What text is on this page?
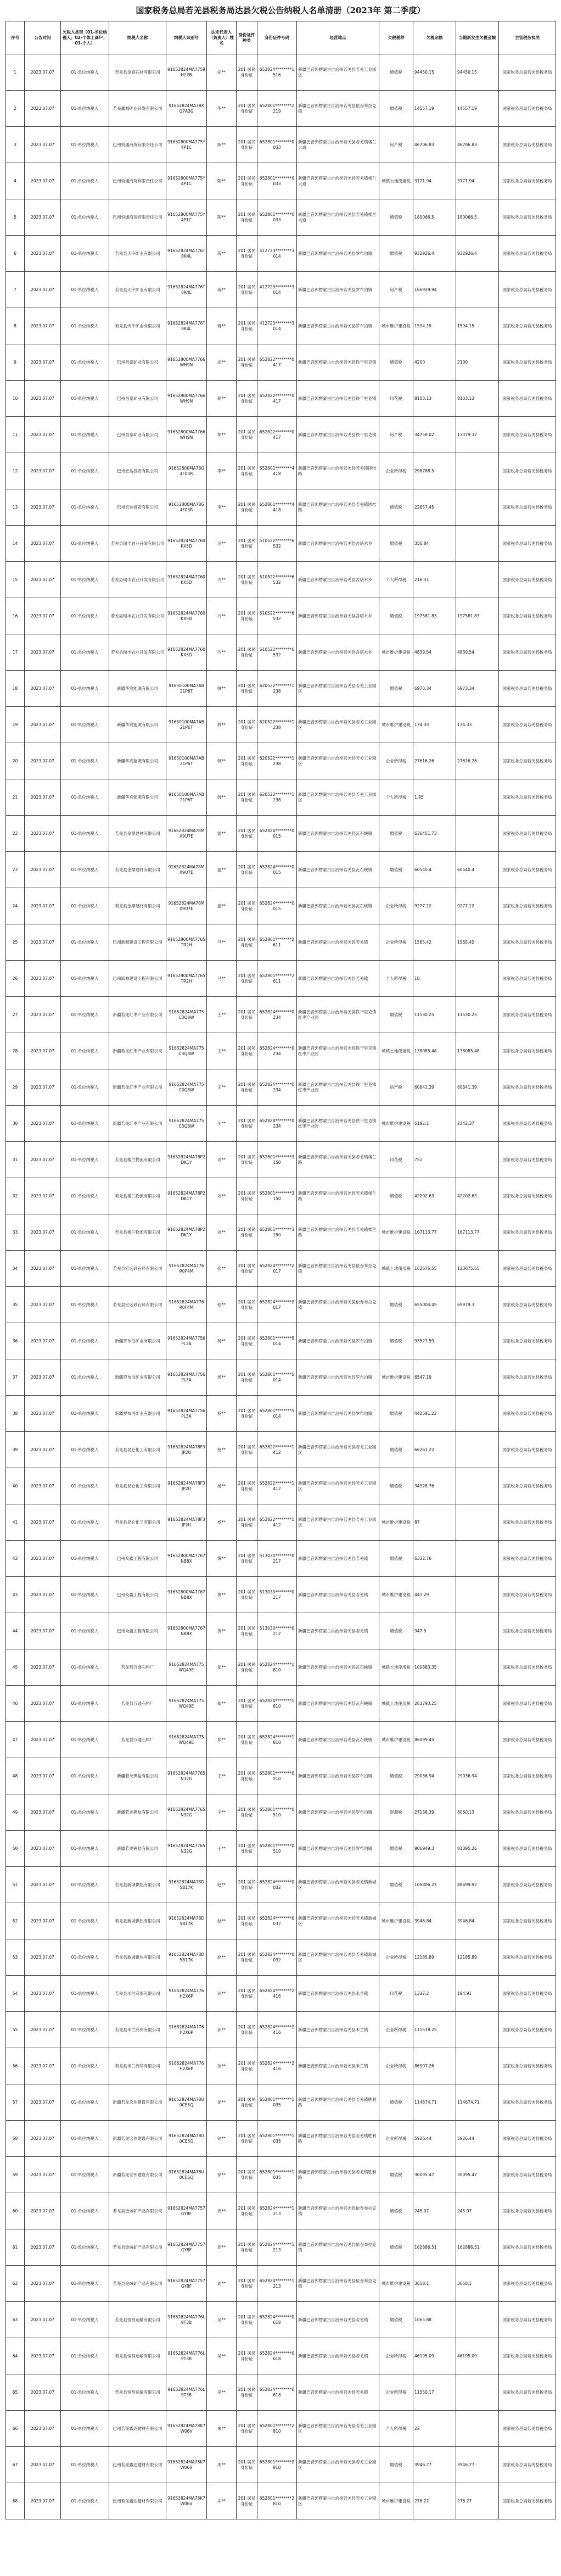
国家税务总局若羌县税务局达县欠税公告纳税人名单清册（2023年 第二季度）
序号	公告时间	欠税人类型（01-单位纳税人；02-个体工商户；03-个人）	纳税人名称	纳税人识别号	法定代表人（负责人）姓名	身份证件种类	身份证件号码	经营地点	欠税税种	欠税余额	当期新发生欠税金额	主管税务机关
1	2023.07.07	01-单位纳税人	若羌县金泰石材有限公司	91652824MA7759H22B	胡**	201 居民身份证	652824********1516	新疆巴音郭楞蒙古自治州若羌县若羌工业园区	增值税	94450.15	94450.15	国家税务总局若羌县税务局
2	2023.07.07	01-单位纳税人	若羌鑫源矿业开发有限公司	91652824MA78XQ7A3G	李**	201 居民身份证	652801********2219	新疆巴音郭楞蒙古自治州若羌县依吞布拉克镇	增值税	14557.19	14557.19	国家税务总局若羌县税务局
3	2023.07.07	01-单位纳税人	巴州恒通商贸有限责任公司	91652800MA775Y4P1C	陈**	201 居民身份证	652801********0033	新疆巴音郭楞蒙古自治州若羌县若羌镇楼兰大道	房产税	46706.83	46706.83	国家税务总局若羌县税务局
4	2023.07.07	01-单位纳税人	巴州恒通商贸有限责任公司	91652800MA775Y4P1C	陈**	201 居民身份证	652801********0033	新疆巴音郭楞蒙古自治州若羌县若羌镇楼兰大道	城镇土地使用税	3171.94	3171.94	国家税务总局若羌县税务局
5	2023.07.07	01-单位纳税人	巴州恒通商贸有限责任公司	91652800MA775Y4P1C	陈**	201 居民身份证	652801********0033	新疆巴音郭楞蒙古自治州若羌县若羌镇楼兰大道	增值税	180066.5	180066.5	国家税务总局若羌县税务局
6	2023.07.07	01-单位纳税人	若羌县天宇矿业有限公司	91652824MA776T8K4L	蒋**	201 居民身份证	412723********3014	新疆巴音郭楞蒙古自治州若羌县罗布泊镇	增值税	932926.4	932926.4	国家税务总局若羌县税务局
7	2023.07.07	01-单位纳税人	若羌县天宇矿业有限公司	91652824MA776T8K4L	蒋**	201 居民身份证	412723********3014	新疆巴音郭楞蒙古自治州若羌县罗布泊镇	房产税	166929.94		国家税务总局若羌县税务局
8	2023.07.07	01-单位纳税人	若羌县天宇矿业有限公司	91652824MA776T8K4L	蒋**	201 居民身份证	412723********3014	新疆巴音郭楞蒙古自治州若羌县罗布泊镇	城市维护建设税	1594.15	1594.15	国家税务总局若羌县税务局
9	2023.07.07	01-单位纳税人	巴州昌泰矿业有限公司	91652800MA7766WH9N	胡**	201 居民身份证	652822********0417	新疆巴音郭楞蒙古自治州若羌县铁干里克镇	增值税	4200	2100	国家税务总局若羌县税务局
10	2023.07.07	01-单位纳税人	巴州昌泰矿业有限公司	91652800MA7766WH9N	胡**	201 居民身份证	652822********0417	新疆巴音郭楞蒙古自治州若羌县铁干里克镇	印花税	8103.13	8103.13	国家税务总局若羌县税务局
11	2023.07.07	01-单位纳税人	巴州昌泰矿业有限公司	91652800MA7766WH9N	胡**	201 居民身份证	652822********0417	新疆巴音郭楞蒙古自治州若羌县铁干里克镇	房产税	34758.02	13379.32	国家税务总局若羌县税务局
12	2023.07.07	01-单位纳税人	巴州宏达投资有限公司	91652800MA78G4F03R	李**	201 居民身份证	652801********4418	新疆巴音郭楞蒙古自治州若羌县若羌镇团结路	企业所得税	298788.5		国家税务总局若羌县税务局
13	2023.07.07	01-单位纳税人	巴州宏达投资有限公司	91652800MA78G4F03R	李**	201 居民身份证	652801********4418	新疆巴音郭楞蒙古自治州若羌县若羌镇团结路	增值税	22657.45		国家税务总局若羌县税务局
14	2023.07.07	01-单位纳税人	若羌县瑞丰农业开发有限公司	91652824MA7760KX5D	冷**	201 居民身份证	510522********6532	新疆巴音郭楞蒙古自治州若羌县吾塔木乡	增值税	356.84		国家税务总局若羌县税务局
15	2023.07.07	01-单位纳税人	若羌县瑞丰农业开发有限公司	91652824MA7760KX5D	冷**	201 居民身份证	510522********6532	新疆巴音郭楞蒙古自治州若羌县吾塔木乡	个人所得税	216.31		国家税务总局若羌县税务局
16	2023.07.07	01-单位纳税人	若羌县瑞丰农业开发有限公司	91652824MA7760KX5D	冷**	201 居民身份证	510522********6532	新疆巴音郭楞蒙古自治州若羌县吾塔木乡	增值税	197581.83	197581.83	国家税务总局若羌县税务局
17	2023.07.07	01-单位纳税人	若羌县瑞丰农业开发有限公司	91652824MA7760KX5D	冷**	201 居民身份证	510522********6532	新疆巴音郭楞蒙古自治州若羌县吾塔木乡	城市维护建设税	4839.54	4839.54	国家税务总局若羌县税务局
18	2023.07.07	01-单位纳税人	新疆华宸能源有限公司	91650100MA7AB21P6T	韩**	201 居民身份证	620522********1238	新疆巴音郭楞蒙古自治州若羌县若羌工业园区	增值税	6973.34	6973.34	国家税务总局若羌县税务局
19	2023.07.07	01-单位纳税人	新疆华宸能源有限公司	91650100MA7AB21P6T	韩**	201 居民身份证	620522********1238	新疆巴音郭楞蒙古自治州若羌县若羌工业园区	城市维护建设税	174.33	174.33	国家税务总局若羌县税务局
20	2023.07.07	01-单位纳税人	新疆华宸能源有限公司	91650100MA7AB21P6T	韩**	201 居民身份证	620522********1238	新疆巴音郭楞蒙古自治州若羌县若羌工业园区	企业所得税	27616.26	27616.26	国家税务总局若羌县税务局
21	2023.07.07	01-单位纳税人	新疆华宸能源有限公司	91650100MA7AB21P6T	韩**	201 居民身份证	620522********1238	新疆巴音郭楞蒙古自治州若羌县若羌工业园区	个人所得税	1.85		国家税务总局若羌县税务局
22	2023.07.07	01-单位纳税人	若羌县金鼎建材有限公司	91652824MA78MX9U7E	温**	201 居民身份证	652824********0015	新疆巴音郭楞蒙古自治州若羌县瓦石峡镇	增值税	636451.73		国家税务总局若羌县税务局
23	2023.07.07	01-单位纳税人	若羌县金鼎建材有限公司	91652824MA78MX9U7E	温**	201 居民身份证	652824********0015	新疆巴音郭楞蒙古自治州若羌县瓦石峡镇	增值税	60540.4	60540.4	国家税务总局若羌县税务局
24	2023.07.07	01-单位纳税人	若羌县金鼎建材有限公司	91652824MA78MX9U7E	温**	201 居民身份证	652824********0015	新疆巴音郭楞蒙古自治州若羌县瓦石峡镇	企业所得税	9277.12	9277.12	国家税务总局若羌县税务局
25	2023.07.07	01-单位纳税人	巴州新源建设工程有限公司	91652800MA7765TR2H	马**	201 居民身份证	652801********2611	新疆巴音郭楞蒙古自治州若羌县若羌镇	企业所得税	1565.42	1565.42	国家税务总局若羌县税务局
26	2023.07.07	01-单位纳税人	巴州新源建设工程有限公司	91652800MA7765TR2H	马**	201 居民身份证	652801********2611	新疆巴音郭楞蒙古自治州若羌县若羌镇	个人所得税	18		国家税务总局若羌县税务局
27	2023.07.07	01-单位纳税人	新疆若羌红枣产业有限公司	91652824MA775C3Q8W	王**	201 居民身份证	652824********0234	新疆巴音郭楞蒙古自治州若羌县铁干里克镇红枣产业园	增值税	11530.25	11530.25	国家税务总局若羌县税务局
28	2023.07.07	01-单位纳税人	新疆若羌红枣产业有限公司	91652824MA775C3Q8W	王**	201 居民身份证	652824********0234	新疆巴音郭楞蒙古自治州若羌县铁干里克镇红枣产业园	城镇土地使用税	138085.48	138085.48	国家税务总局若羌县税务局
29	2023.07.07	01-单位纳税人	新疆若羌红枣产业有限公司	91652824MA775C3Q8W	王**	201 居民身份证	652824********0234	新疆巴音郭楞蒙古自治州若羌县铁干里克镇红枣产业园	房产税	60641.39	60641.39	国家税务总局若羌县税务局
30	2023.07.07	01-单位纳税人	新疆若羌红枣产业有限公司	91652824MA775C3Q8W	王**	201 居民身份证	652824********0234	新疆巴音郭楞蒙古自治州若羌县铁干里克镇红枣产业园	城市维护建设税	6192.1	2342.37	国家税务总局若羌县税务局
31	2023.07.07	01-单位纳税人	若羌县楼兰物流有限公司	91652824MA78P2DK1Y	刘**	201 居民身份证	652801********3150	新疆巴音郭楞蒙古自治州若羌县若羌镇楼兰路	印花税	751		国家税务总局若羌县税务局
32	2023.07.07	01-单位纳税人	若羌县楼兰物流有限公司	91652824MA78P2DK1Y	刘**	201 居民身份证	652801********3150	新疆巴音郭楞蒙古自治州若羌县若羌镇楼兰路	增值税	42202.63	42202.63	国家税务总局若羌县税务局
33	2023.07.07	01-单位纳税人	若羌县楼兰物流有限公司	91652824MA78P2DK1Y	刘**	201 居民身份证	652801********3150	新疆巴音郭楞蒙古自治州若羌县若羌镇楼兰路	城市维护建设税	167113.77	167113.77	国家税务总局若羌县税务局
34	2023.07.07	01-单位纳税人	若羌县宏远砂石料有限公司	91652824MA776R0F4M	张**	201 居民身份证	652824********2017	新疆巴音郭楞蒙古自治州若羌县依吞布拉克镇	城镇土地使用税	162675.55	123675.55	国家税务总局若羌县税务局
35	2023.07.07	01-单位纳税人	若羌县宏远砂石料有限公司	91652824MA776R0F4M	张**	201 居民身份证	652824********2017	新疆巴音郭楞蒙古自治州若羌县依吞布拉克镇	增值税	655004.45	69979.3	国家税务总局若羌县税务局
36	2023.07.07	01-单位纳税人	新疆罗布泊矿业有限公司	91652824MA7756PL3A	杨**	201 居民身份证	652801********5014	新疆巴音郭楞蒙古自治州若羌县罗布泊镇	增值税	93527.59		国家税务总局若羌县税务局
37	2023.07.07	01-单位纳税人	新疆罗布泊矿业有限公司	91652824MA7756PL3A	杨**	201 居民身份证	652801********5014	新疆巴音郭楞蒙古自治州若羌县罗布泊镇	城市维护建设税	6547.19		国家税务总局若羌县税务局
38	2023.07.07	01-单位纳税人	新疆罗布泊矿业有限公司	91652824MA7756PL3A	杨**	201 居民身份证	652801********5014	新疆巴音郭楞蒙古自治州若羌县罗布泊镇	增值税	442591.22		国家税务总局若羌县税务局
39	2023.07.07	01-单位纳税人	若羌县昆仑化工有限公司	91652824MA78F3JP2U	杨**	201 居民身份证	652822********1412	新疆巴音郭楞蒙古自治州若羌县若羌工业园区	增值税	66261.22		国家税务总局若羌县税务局
40	2023.07.07	01-单位纳税人	若羌县昆仑化工有限公司	91652824MA78F3JP2U	杨**	201 居民身份证	652822********1412	新疆巴音郭楞蒙古自治州若羌县若羌工业园区	增值税	34928.76		国家税务总局若羌县税务局
41	2023.07.07	01-单位纳税人	若羌县昆仑化工有限公司	91652824MA78F3JP2U	杨**	201 居民身份证	652822********1412	新疆巴音郭楞蒙古自治州若羌县若羌工业园区	城市维护建设税	87		国家税务总局若羌县税务局
42	2023.07.07	01-单位纳税人	巴州众鑫工程有限公司	91652800MA7767NB8X	黄**	201 居民身份证	513030********0217	新疆巴音郭楞蒙古自治州若羌县若羌镇	增值税	6332.76		国家税务总局若羌县税务局
43	2023.07.07	01-单位纳税人	巴州众鑫工程有限公司	91652800MA7767NB8X	黄**	201 居民身份证	513030********0217	新疆巴音郭楞蒙古自治州若羌县若羌镇	城市维护建设税	443.29		国家税务总局若羌县税务局
44	2023.07.07	01-单位纳税人	巴州众鑫工程有限公司	91652800MA7767NB8X	黄**	201 居民身份证	513030********0217	新疆巴音郭楞蒙古自治州若羌县若羌镇	增值税	947.5		国家税务总局若羌县税务局
45	2023.07.07	01-单位纳税人	若羌县万通石料厂	91652824MA775WQ49E	郑**	201 居民身份证	652824********1810	新疆巴音郭楞蒙古自治州若羌县瓦石峡镇	城镇土地使用税	100883.35		国家税务总局若羌县税务局
46	2023.07.07	01-单位纳税人	若羌县万通石料厂	91652824MA775WQ49E	郑**	201 居民身份证	652824********1810	新疆巴音郭楞蒙古自治州若羌县瓦石峡镇	城镇土地使用税	263793.25		国家税务总局若羌县税务局
47	2023.07.07	01-单位纳税人	若羌县万通石料厂	91652824MA775WQ49E	郑**	201 居民身份证	652824********1810	新疆巴音郭楞蒙古自治州若羌县瓦石峡镇	城市维护建设税	86099.45		国家税务总局若羌县税务局
48	2023.07.07	01-单位纳税人	新疆若羌钾盐有限公司	91652824MA7765N32G	王**	201 居民身份证	652801********0510	新疆巴音郭楞蒙古自治州若羌县罗布泊镇	增值税	29036.94	29036.94	国家税务总局若羌县税务局
49	2023.07.07	01-单位纳税人	新疆若羌钾盐有限公司	91652824MA7765N32G	王**	201 居民身份证	652801********0510	新疆巴音郭楞蒙古自治州若羌县罗布泊镇	资源税	27138.39	8060.13	国家税务总局若羌县税务局
50	2023.07.07	01-单位纳税人	新疆若羌钾盐有限公司	91652824MA7765N32G	王**	201 居民身份证	652801********0510	新疆巴音郭楞蒙古自治州若羌县罗布泊镇	增值税	906949.3	81095.26	国家税务总局若羌县税务局
51	2023.07.07	01-单位纳税人	若羌县新城供热有限公司	91652824MA78D5B17K	赵**	201 居民身份证	652824********0032	新疆巴音郭楞蒙古自治州若羌县若羌镇新城区	增值税	106806.27	88699.92	国家税务总局若羌县税务局
52	2023.07.07	01-单位纳税人	若羌县新城供热有限公司	91652824MA78D5B17K	赵**	201 居民身份证	652824********0032	新疆巴音郭楞蒙古自治州若羌县若羌镇新城区	城市维护建设税	3946.84	3946.84	国家税务总局若羌县税务局
53	2023.07.07	01-单位纳税人	若羌县新城供热有限公司	91652824MA78D5B17K	赵**	201 居民身份证	652824********0032	新疆巴音郭楞蒙古自治州若羌县若羌镇新城区	企业所得税	12185.89	12185.89	国家税务总局若羌县税务局
54	2023.07.07	01-单位纳税人	若羌县米兰商贸有限公司	91652824MA776H2X6P	孙**	201 居民身份证	652824********2416	新疆巴音郭楞蒙古自治州若羌县米兰镇	印花税	1337.2	194.91	国家税务总局若羌县税务局
55	2023.07.07	01-单位纳税人	若羌县米兰商贸有限公司	91652824MA776H2X6P	孙**	201 居民身份证	652824********2416	新疆巴音郭楞蒙古自治州若羌县米兰镇	企业所得税	111518.25		国家税务总局若羌县税务局
56	2023.07.07	01-单位纳税人	若羌县米兰商贸有限公司	91652824MA776H2X6P	孙**	201 居民身份证	652824********2416	新疆巴音郭楞蒙古自治州若羌县米兰镇	企业所得税	86907.26		国家税务总局若羌县税务局
57	2023.07.07	01-单位纳税人	新疆若羌宏伟建设有限公司	91652824MA78U0CE5Q	徐**	201 居民身份证	652801********1035	新疆巴音郭楞蒙古自治州若羌县若羌镇胜利路	增值税	114674.71	114674.71	国家税务总局若羌县税务局
58	2023.07.07	01-单位纳税人	新疆若羌宏伟建设有限公司	91652824MA78U0CE5Q	徐**	201 居民身份证	652801********1035	新疆巴音郭楞蒙古自治州若羌县若羌镇胜利路	企业所得税	5926.44	5926.44	国家税务总局若羌县税务局
59	2023.07.07	01-单位纳税人	新疆若羌宏伟建设有限公司	91652824MA78U0CE5Q	徐**	201 居民身份证	652801********1035	新疆巴音郭楞蒙古自治州若羌县若羌镇胜利路	增值税	30095.47	30095.47	国家税务总局若羌县税务局
60	2023.07.07	01-单位纳税人	若羌县金域矿产品有限公司	91652824MA7757GY8F	周**	201 居民身份证	652824********1213	新疆巴音郭楞蒙古自治州若羌县依吞布拉克镇	增值税	245.07	245.07	国家税务总局若羌县税务局
61	2023.07.07	01-单位纳税人	若羌县金域矿产品有限公司	91652824MA7757GY8F	周**	201 居民身份证	652824********1213	新疆巴音郭楞蒙古自治州若羌县依吞布拉克镇	增值税	162886.51	162886.51	国家税务总局若羌县税务局
62	2023.07.07	01-单位纳税人	若羌县金域矿产品有限公司	91652824MA7757GY8F	周**	201 居民身份证	652824********1213	新疆巴音郭楞蒙古自治州若羌县依吞布拉克镇	城市维护建设税	3658.1	3658.1	国家税务总局若羌县税务局
63	2023.07.07	01-单位纳税人	若羌县恒昌运输有限公司	91652824MA776L9T3B	吴**	201 居民身份证	652824********0618	新疆巴音郭楞蒙古自治州若羌县若羌镇	增值税	1065.88		国家税务总局若羌县税务局
64	2023.07.07	01-单位纳税人	若羌县恒昌运输有限公司	91652824MA776L9T3B	吴**	201 居民身份证	652824********0618	新疆巴音郭楞蒙古自治州若羌县若羌镇	企业所得税	46195.09	46195.09	国家税务总局若羌县税务局
65	2023.07.07	01-单位纳税人	若羌县恒昌运输有限公司	91652824MA776L9T3B	吴**	201 居民身份证	652824********0618	新疆巴音郭楞蒙古自治州若羌县若羌镇	企业所得税	11550.17		国家税务总局若羌县税务局
66	2023.07.07	01-单位纳税人	巴州若羌鑫达建材有限公司	91652824MA78K7W06V	朱**	201 居民身份证	652801********2810	新疆巴音郭楞蒙古自治州若羌县若羌工业园区	个人所得税	22		国家税务总局若羌县税务局
67	2023.07.07	01-单位纳税人	巴州若羌鑫达建材有限公司	91652824MA78K7W06V	朱**	201 居民身份证	652801********2810	新疆巴音郭楞蒙古自治州若羌县若羌工业园区	增值税	3946.77	3946.77	国家税务总局若羌县税务局
68	2023.07.07	01-单位纳税人	巴州若羌鑫达建材有限公司	91652824MA78K7W06V	朱**	201 居民身份证	652801********2810	新疆巴音郭楞蒙古自治州若羌县若羌工业园区	城市维护建设税	276.27	276.27	国家税务总局若羌县税务局
